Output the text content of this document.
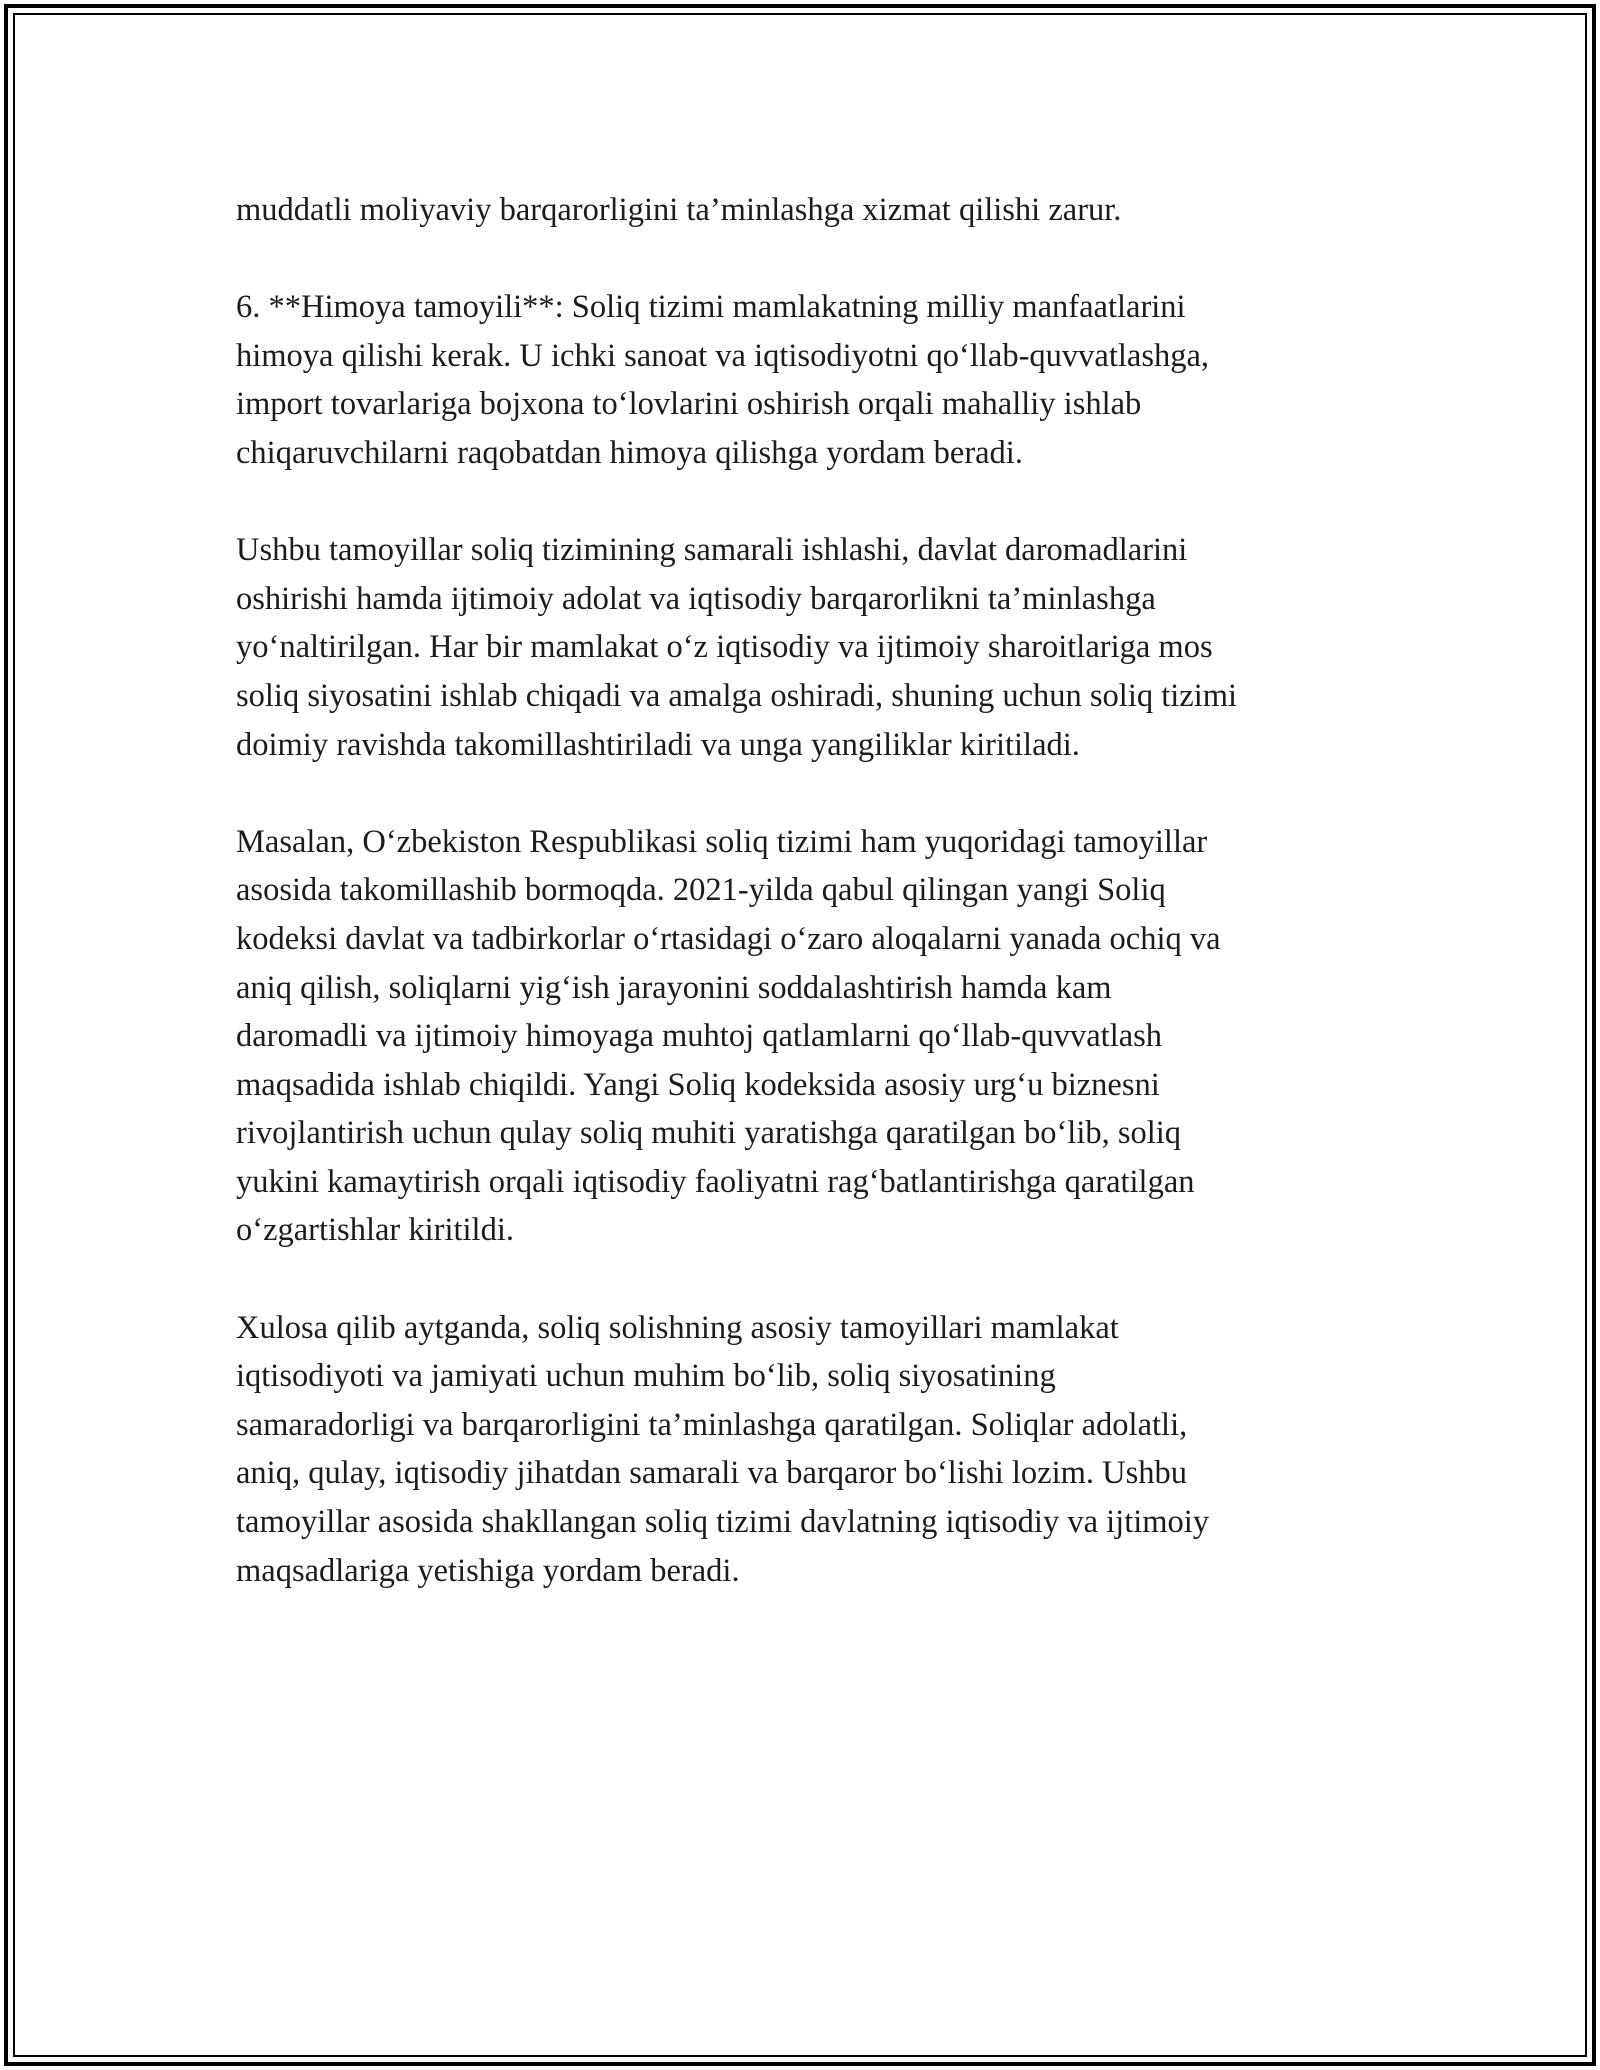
muddatli moliyaviy barqarorligini ta’minlashga xizmat qilishi zarur.

6. **Himoya tamoyili**: Soliq tizimi mamlakatning milliy manfaatlarini
himoya qilishi kerak. U ichki sanoat va iqtisodiyotni qo‘llab-quvvatlashga,
import tovarlariga bojxona to‘lovlarini oshirish orqali mahalliy ishlab
chiqaruvchilarni raqobatdan himoya qilishga yordam beradi.

Ushbu tamoyillar soliq tizimining samarali ishlashi, davlat daromadlarini
oshirishi hamda ijtimoiy adolat va iqtisodiy barqarorlikni ta’minlashga
yo‘naltirilgan. Har bir mamlakat o‘z iqtisodiy va ijtimoiy sharoitlariga mos
soliq siyosatini ishlab chiqadi va amalga oshiradi, shuning uchun soliq tizimi
doimiy ravishda takomillashtiriladi va unga yangiliklar kiritiladi.

Masalan, O‘zbekiston Respublikasi soliq tizimi ham yuqoridagi tamoyillar
asosida takomillashib bormoqda. 2021-yilda qabul qilingan yangi Soliq
kodeksi davlat va tadbirkorlar o‘rtasidagi o‘zaro aloqalarni yanada ochiq va
aniq qilish, soliqlarni yig‘ish jarayonini soddalashtirish hamda kam
daromadli va ijtimoiy himoyaga muhtoj qatlamlarni qo‘llab-quvvatlash
maqsadida ishlab chiqildi. Yangi Soliq kodeksida asosiy urg‘u biznesni
rivojlantirish uchun qulay soliq muhiti yaratishga qaratilgan bo‘lib, soliq
yukini kamaytirish orqali iqtisodiy faoliyatni rag‘batlantirishga qaratilgan
o‘zgartishlar kiritildi.

Xulosa qilib aytganda, soliq solishning asosiy tamoyillari mamlakat
iqtisodiyoti va jamiyati uchun muhim bo‘lib, soliq siyosatining
samaradorligi va barqarorligini ta’minlashga qaratilgan. Soliqlar adolatli,
aniq, qulay, iqtisodiy jihatdan samarali va barqaror bo‘lishi lozim. Ushbu
tamoyillar asosida shakllangan soliq tizimi davlatning iqtisodiy va ijtimoiy
maqsadlariga yetishiga yordam beradi.
